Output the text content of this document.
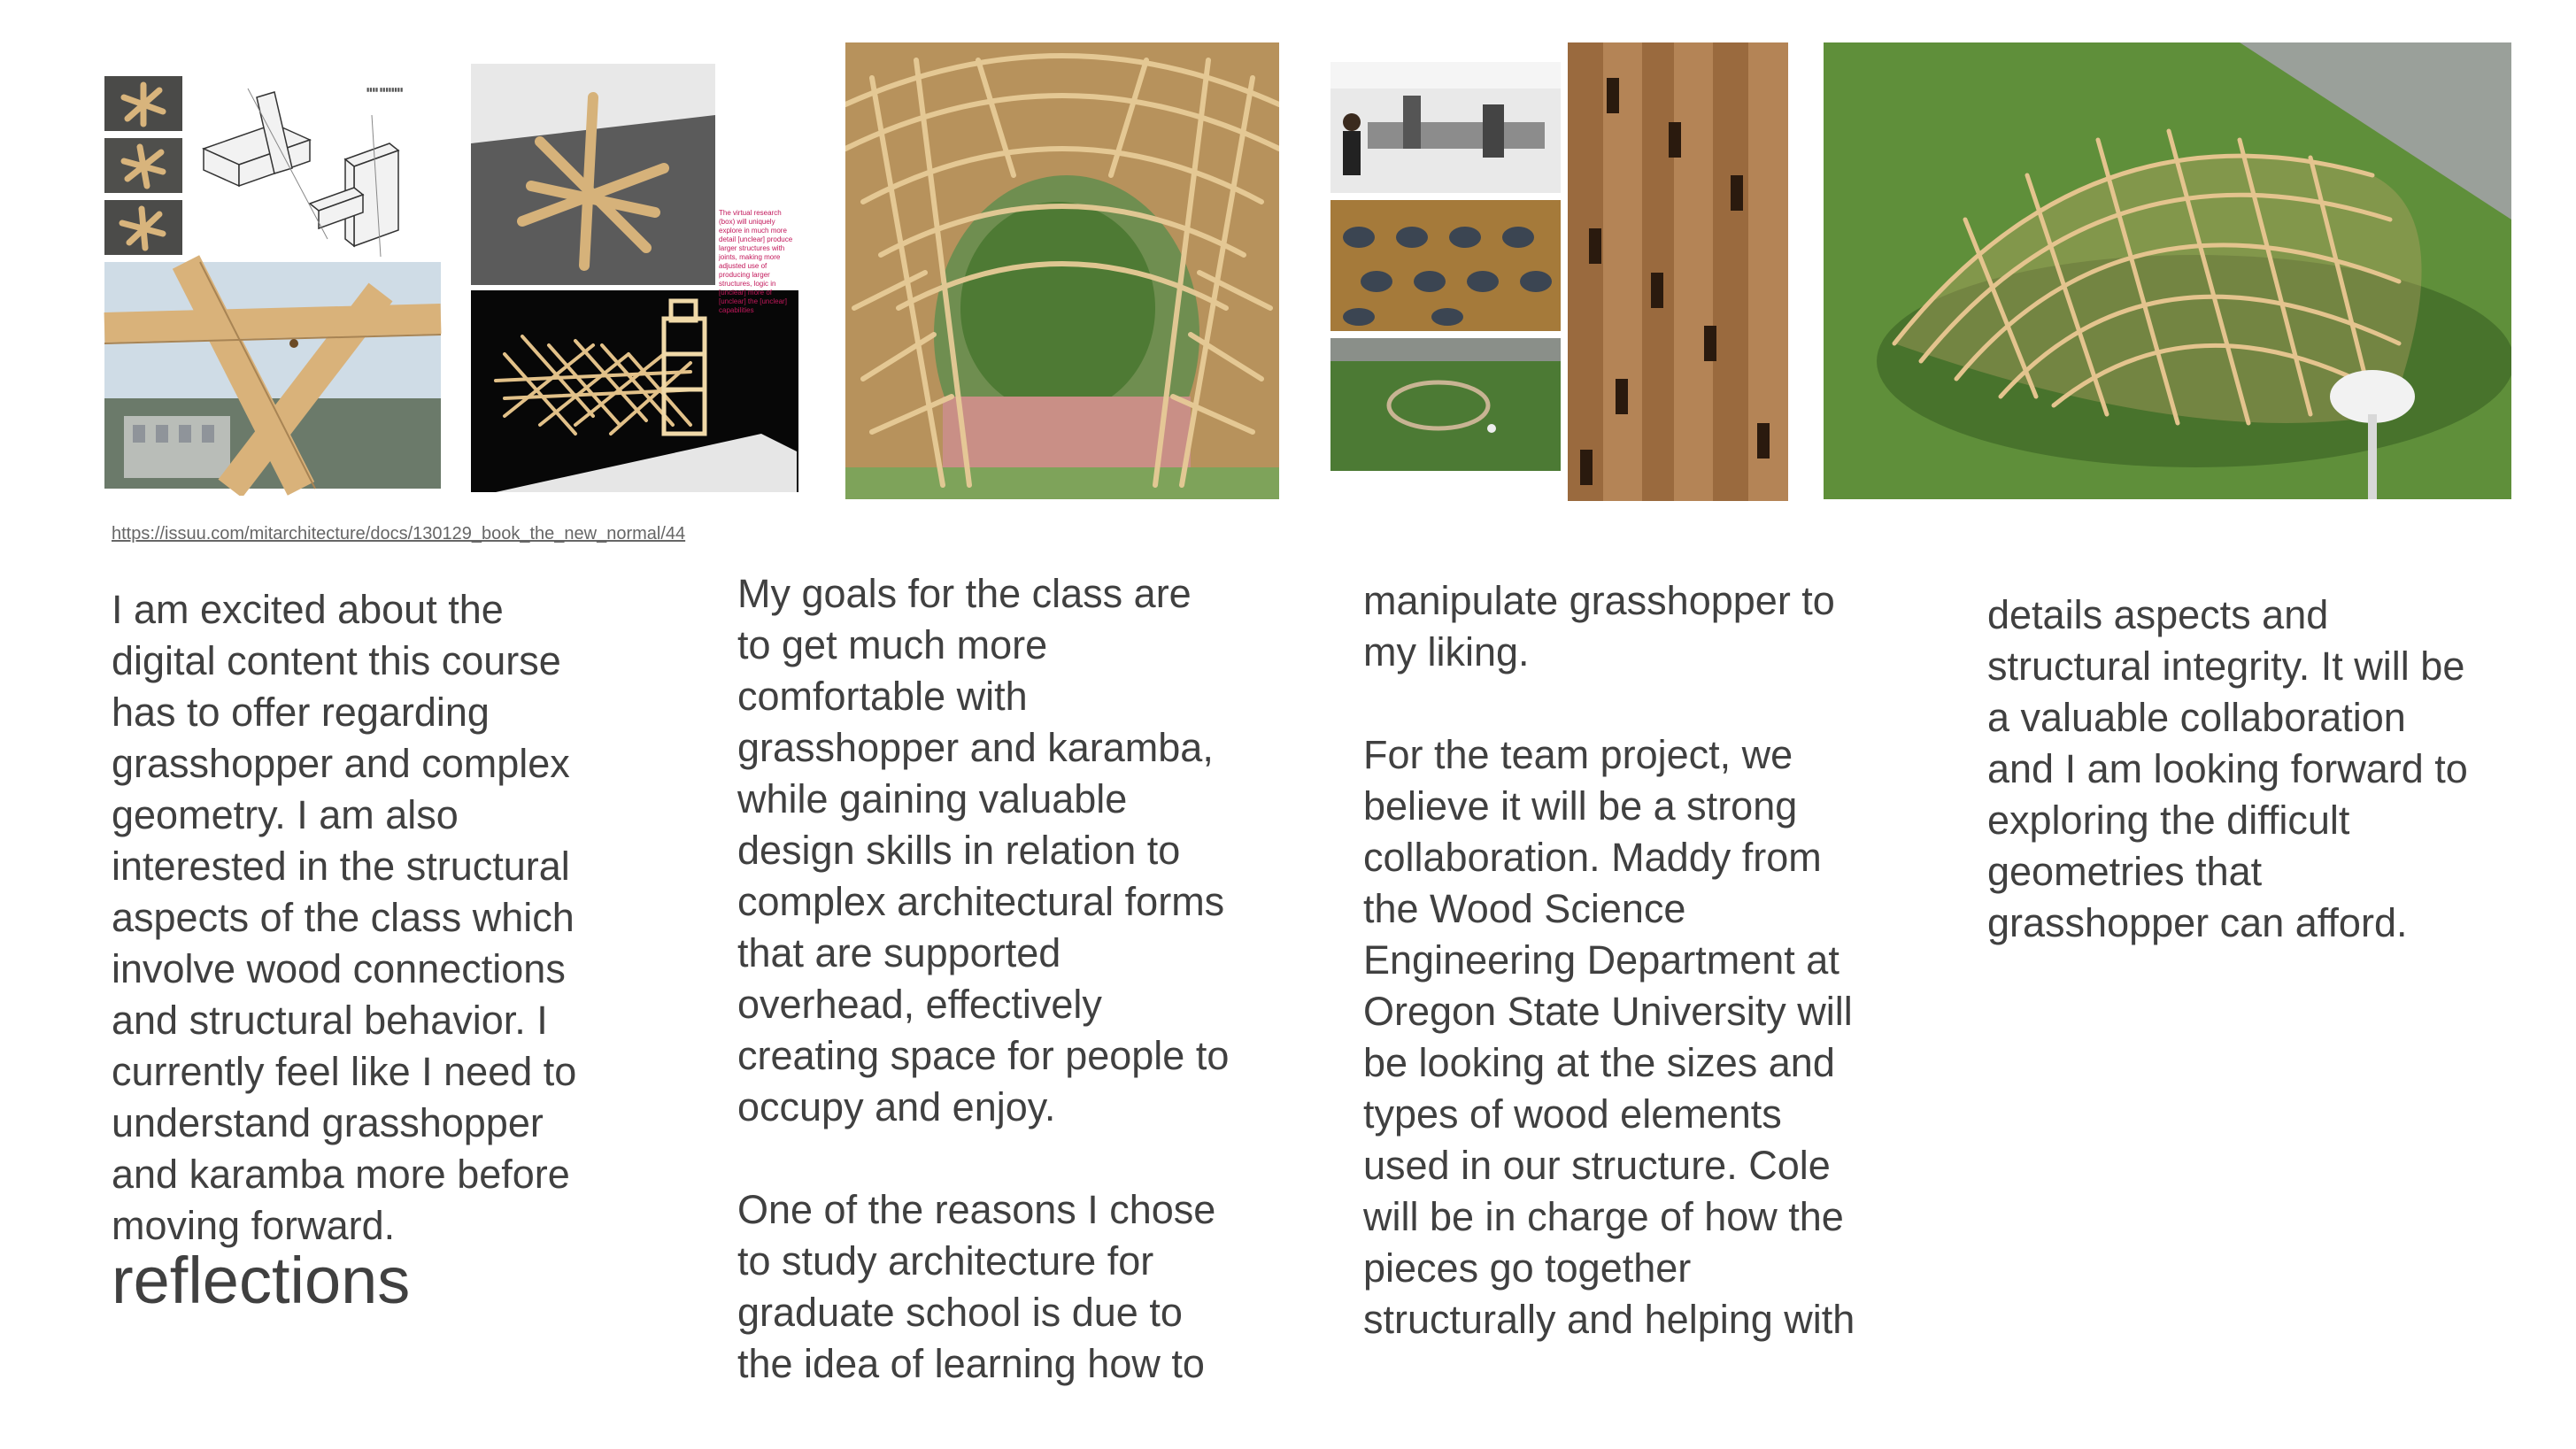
▮▮▮▮ ▮▮▮▮▮▮▮▮
The virtual research (box) will uniquely explore in much more detail [unclear] produce larger structures with joints, making more adjusted use of producing larger structures, logic in [unclear] more of [unclear] the [unclear] capabilities
https://issuu.com/mitarchitecture/docs/130129_book_the_new_normal/44

I am excited about the
digital content this course
has to offer regarding
grasshopper and complex
geometry. I am also
interested in the structural
aspects of the class which
involve wood connections
and structural behavior. I
currently feel like I need to
understand grasshopper
and karamba more before
moving forward.

reflections

My goals for the class are
to get much more
comfortable with
grasshopper and karamba,
while gaining valuable
design skills in relation to
complex architectural forms
that are supported
overhead, effectively
creating space for people to
occupy and enjoy.

One of the reasons I chose
to study architecture for
graduate school is due to
the idea of learning how to

manipulate grasshopper to
my liking.

For the team project, we
believe it will be a strong
collaboration. Maddy from
the Wood Science
Engineering Department at
Oregon State University will
be looking at the sizes and
types of wood elements
used in our structure. Cole
will be in charge of how the
pieces go together
structurally and helping with

details aspects and
structural integrity. It will be
a valuable collaboration
and I am looking forward to
exploring the difficult
geometries that
grasshopper can afford.
